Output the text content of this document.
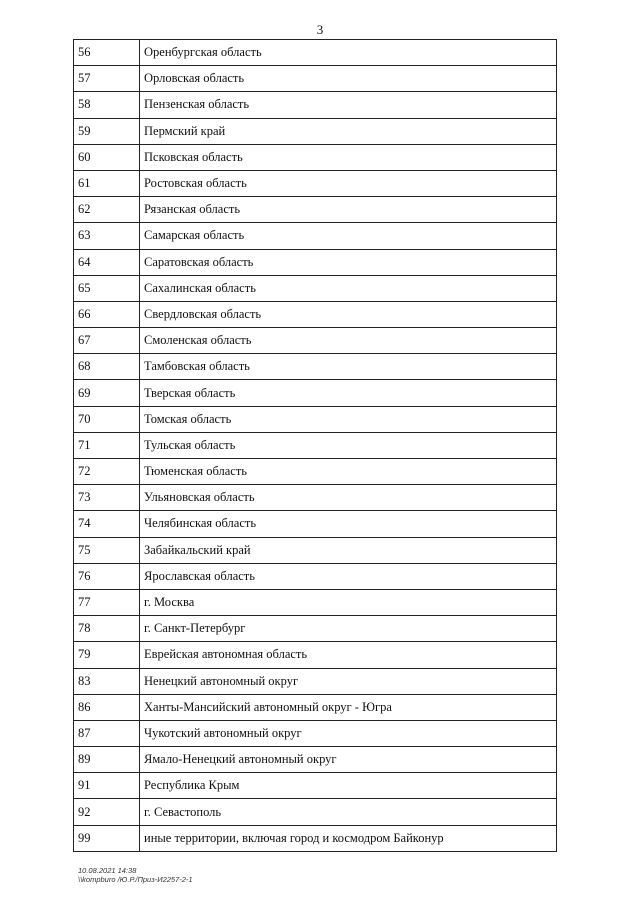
3
56	Оренбургская область
57	Орловская область
58	Пензенская область
59	Пермский край
60	Псковская область
61	Ростовская область
62	Рязанская область
63	Самарская область
64	Саратовская область
65	Сахалинская область
66	Свердловская область
67	Смоленская область
68	Тамбовская область
69	Тверская область
70	Томская область
71	Тульская область
72	Тюменская область
73	Ульяновская область
74	Челябинская область
75	Забайкальский край
76	Ярославская область
77	г. Москва
78	г. Санкт-Петербург
79	Еврейская автономная область
83	Ненецкий автономный округ
86	Ханты-Мансийский автономный округ - Югра
87	Чукотский автономный округ
89	Ямало-Ненецкий автономный округ
91	Республика Крым
92	г. Севастополь
99	иные территории, включая город и космодром Байконур
10.08.2021 14:38
\\kompburo /Ю.Р./Приз-И2257-2-1
